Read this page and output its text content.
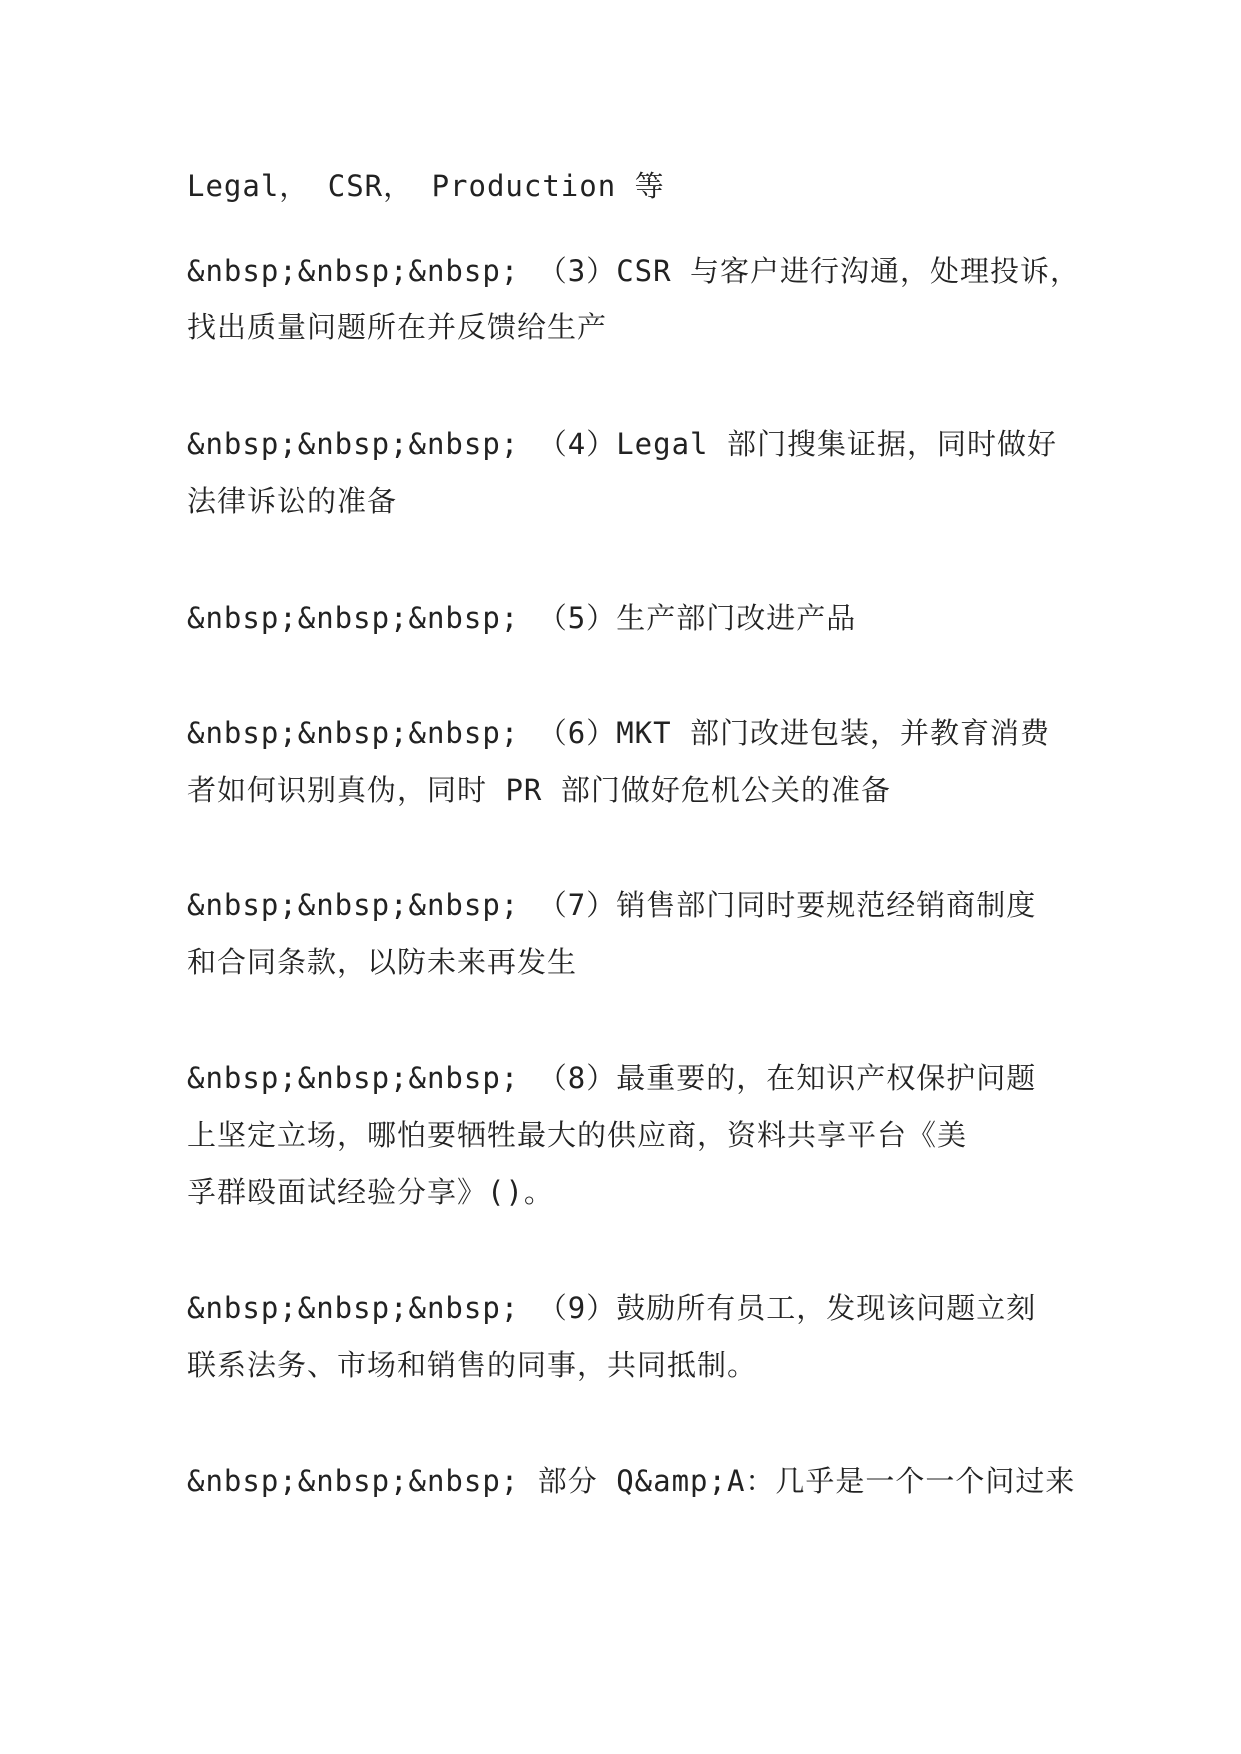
Legal， CSR， Production 等
&nbsp;&nbsp;&nbsp; （3）CSR 与客户进行沟通，处理投诉，
找出质量问题所在并反馈给生产
&nbsp;&nbsp;&nbsp; （4）Legal 部门搜集证据，同时做好
法律诉讼的准备
&nbsp;&nbsp;&nbsp; （5）生产部门改进产品
&nbsp;&nbsp;&nbsp; （6）MKT 部门改进包装，并教育消费
者如何识别真伪，同时 PR 部门做好危机公关的准备
&nbsp;&nbsp;&nbsp; （7）销售部门同时要规范经销商制度
和合同条款，以防未来再发生
&nbsp;&nbsp;&nbsp; （8）最重要的，在知识产权保护问题
上坚定立场，哪怕要牺牲最大的供应商，资料共享平台《美
孚群殴面试经验分享》()。
&nbsp;&nbsp;&nbsp; （9）鼓励所有员工，发现该问题立刻
联系法务、市场和销售的同事，共同抵制。
&nbsp;&nbsp;&nbsp; 部分 Q&amp;A：几乎是一个一个问过来
